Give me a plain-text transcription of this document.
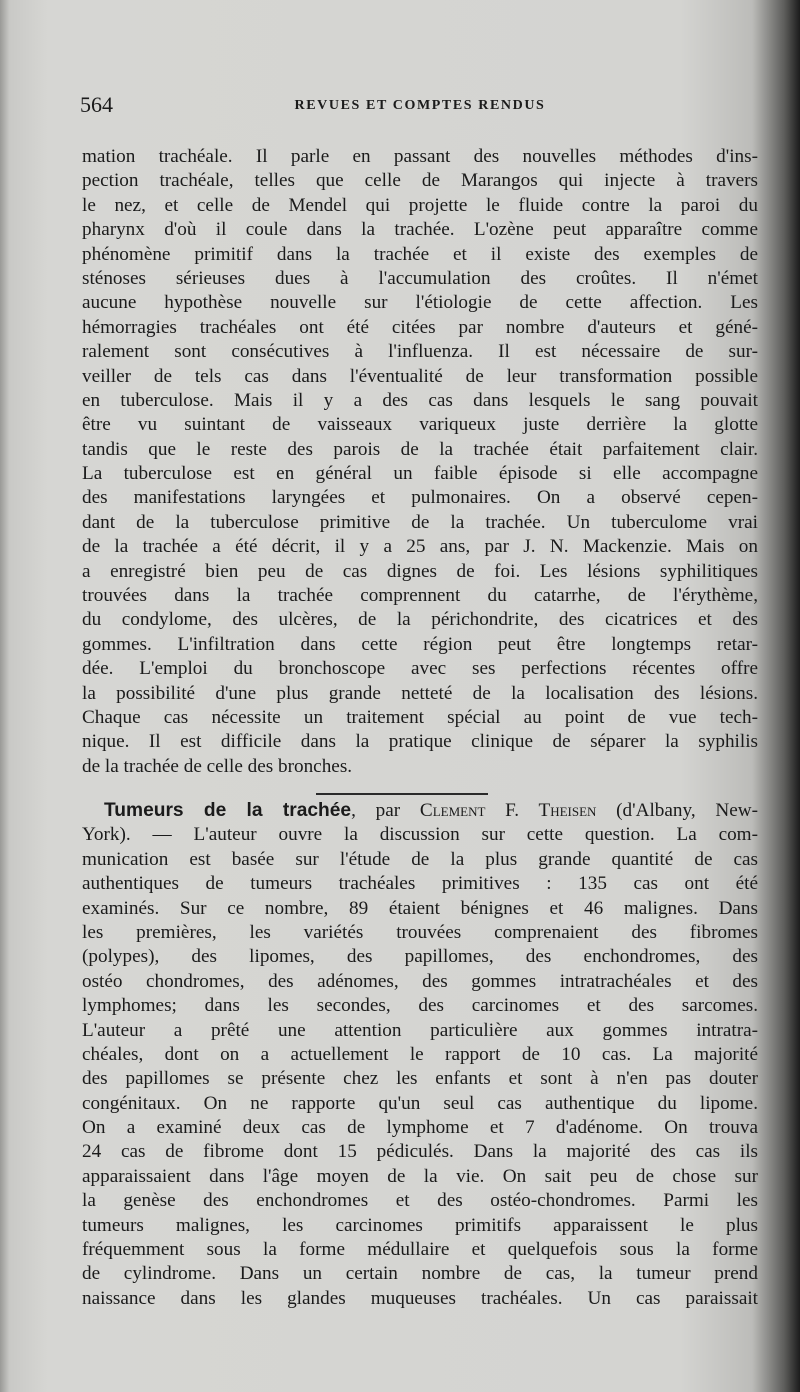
564	REVUES ET COMPTES RENDUS
mation trachéale. Il parle en passant des nouvelles méthodes d'ins-
pection trachéale, telles que celle de Marangos qui injecte à travers
le nez, et celle de Mendel qui projette le fluide contre la paroi du
pharynx d'où il coule dans la trachée. L'ozène peut apparaître comme
phénomène primitif dans la trachée et il existe des exemples de
sténoses sérieuses dues à l'accumulation des croûtes. Il n'émet
aucune hypothèse nouvelle sur l'étiologie de cette affection. Les
hémorragies trachéales ont été citées par nombre d'auteurs et géné-
ralement sont consécutives à l'influenza. Il est nécessaire de sur-
veiller de tels cas dans l'éventualité de leur transformation possible
en tuberculose. Mais il y a des cas dans lesquels le sang pouvait
être vu suintant de vaisseaux variqueux juste derrière la glotte
tandis que le reste des parois de la trachée était parfaitement clair.
La tuberculose est en général un faible épisode si elle accompagne
des manifestations laryngées et pulmonaires. On a observé cepen-
dant de la tuberculose primitive de la trachée. Un tuberculome vrai
de la trachée a été décrit, il y a 25 ans, par J. N. Mackenzie. Mais on
a enregistré bien peu de cas dignes de foi. Les lésions syphilitiques
trouvées dans la trachée comprennent du catarrhe, de l'érythème,
du condylome, des ulcères, de la périchondrite, des cicatrices et des
gommes. L'infiltration dans cette région peut être longtemps retar-
dée. L'emploi du bronchoscope avec ses perfections récentes offre
la possibilité d'une plus grande netteté de la localisation des lésions.
Chaque cas nécessite un traitement spécial au point de vue tech-
nique. Il est difficile dans la pratique clinique de séparer la syphilis
de la trachée de celle des bronches.
Tumeurs de la trachée, par Clement F. Theisen (d'Albany, New-
York). — L'auteur ouvre la discussion sur cette question. La com-
munication est basée sur l'étude de la plus grande quantité de cas
authentiques de tumeurs trachéales primitives : 135 cas ont été
examinés. Sur ce nombre, 89 étaient bénignes et 46 malignes. Dans
les premières, les variétés trouvées comprenaient des fibromes
(polypes), des lipomes, des papillomes, des enchondromes, des
ostéo chondromes, des adénomes, des gommes intratrachéales et des
lymphomes; dans les secondes, des carcinomes et des sarcomes.
L'auteur a prêté une attention particulière aux gommes intratra-
chéales, dont on a actuellement le rapport de 10 cas. La majorité
des papillomes se présente chez les enfants et sont à n'en pas douter
congénitaux. On ne rapporte qu'un seul cas authentique du lipome.
On a examiné deux cas de lymphome et 7 d'adénome. On trouva
24 cas de fibrome dont 15 pédiculés. Dans la majorité des cas ils
apparaissaient dans l'âge moyen de la vie. On sait peu de chose sur
la genèse des enchondromes et des ostéo-chondromes. Parmi les
tumeurs malignes, les carcinomes primitifs apparaissent le plus
fréquemment sous la forme médullaire et quelquefois sous la forme
de cylindrome. Dans un certain nombre de cas, la tumeur prend
naissance dans les glandes muqueuses trachéales. Un cas paraissait
